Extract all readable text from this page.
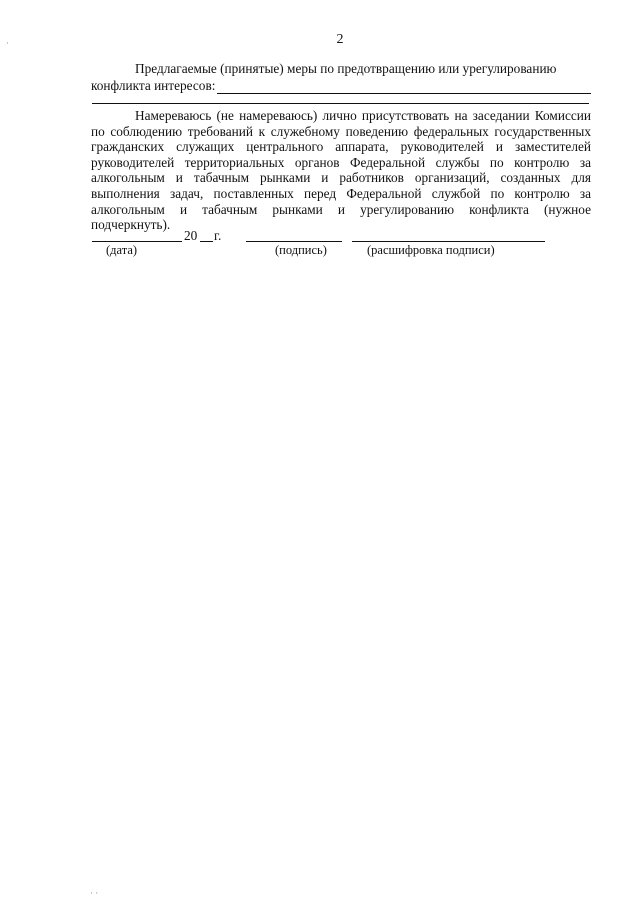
2
Предлагаемые (принятые) меры по предотвращению или урегулированию
конфликта интересов:
Намереваюсь (не намереваюсь) лично присутствовать на заседании Комиссии по соблюдению требований к служебному поведению федеральных государственных гражданских служащих центрального аппарата, руководителей и заместителей руководителей территориальных органов Федеральной службы по контролю за алкогольным и табачным рынками и работников организаций, созданных для выполнения задач, поставленных перед Федеральной службой по контролю за алкогольным и табачным рынками и урегулированию конфликта (нужное подчеркнуть).
20 г.
(дата)	(подпись)	(расшифровка подписи)
·
· ·
